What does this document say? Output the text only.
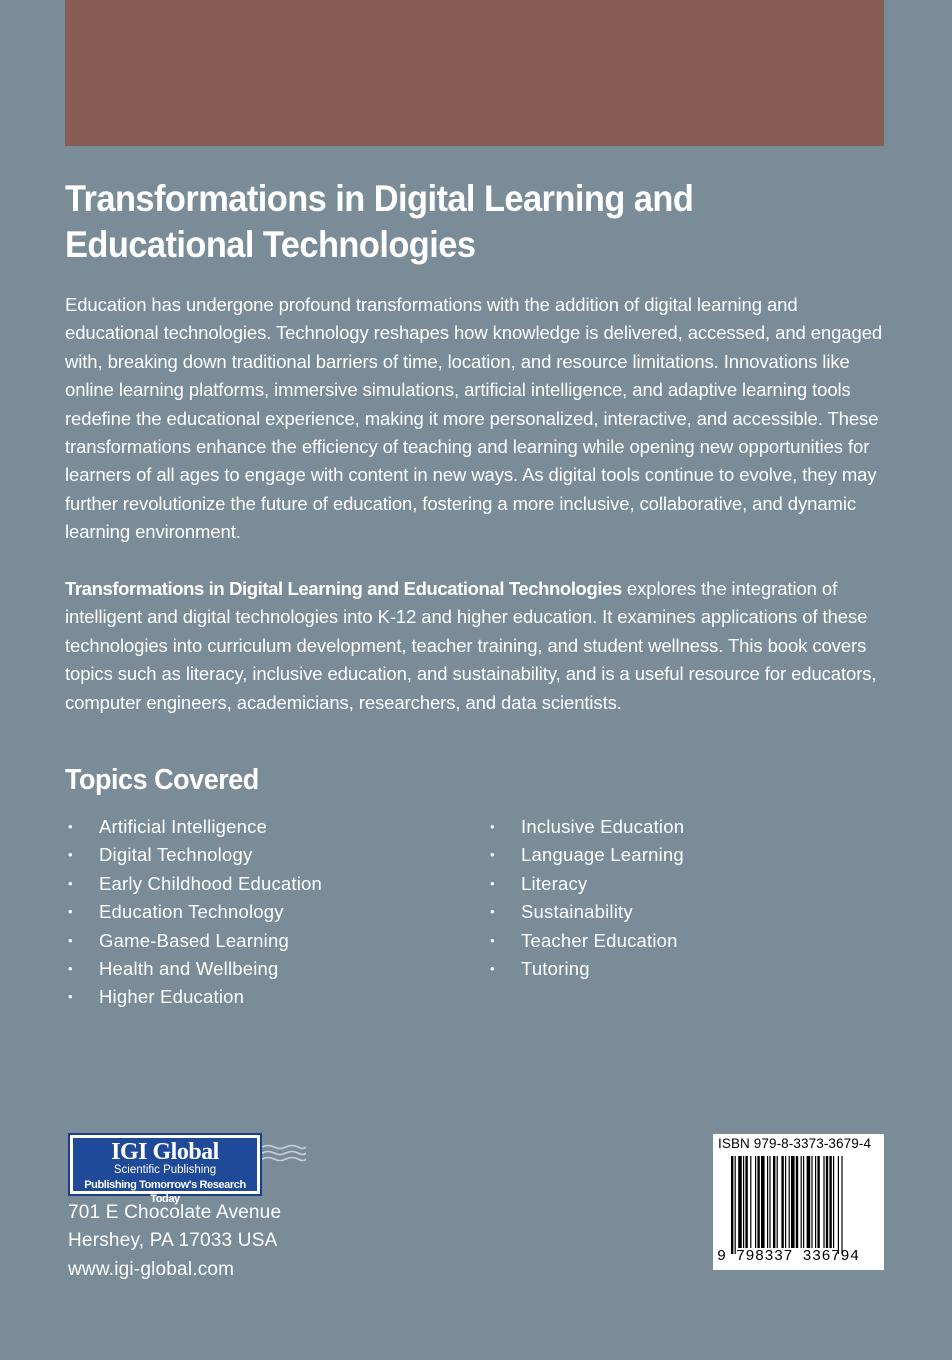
Transformations in Digital Learning and
Educational Technologies

Education has undergone profound transformations with the addition of digital learning and educational technologies. Technology reshapes how knowledge is delivered, accessed, and engaged with, breaking down traditional barriers of time, location, and resource limitations. Innovations like online learning platforms, immersive simulations, artificial intelligence, and adaptive learning tools redefine the educational experience, making it more personalized, interactive, and accessible. These transformations enhance the efficiency of teaching and learning while opening new opportunities for learners of all ages to engage with content in new ways. As digital tools continue to evolve, they may further revolutionize the future of education, fostering a more inclusive, collaborative, and dynamic learning environment.

Transformations in Digital Learning and Educational Technologies explores the integration of intelligent and digital technologies into K-12 and higher education. It examines applications of these technologies into curriculum development, teacher training, and student wellness. This book covers topics such as literacy, inclusive education, and sustainability, and is a useful resource for educators, computer engineers, academicians, researchers, and data scientists.

Topics Covered
• Artificial Intelligence
• Digital Technology
• Early Childhood Education
• Education Technology
• Game-Based Learning
• Health and Wellbeing
• Higher Education
• Inclusive Education
• Language Learning
• Literacy
• Sustainability
• Teacher Education
• Tutoring
IGI Global
Scientific Publishing
Publishing Tomorrow's Research Today

701 E Chocolate Avenue
Hershey, PA 17033 USA
www.igi-global.com

ISBN 979-8-3373-3679-4
9 798337 336794
